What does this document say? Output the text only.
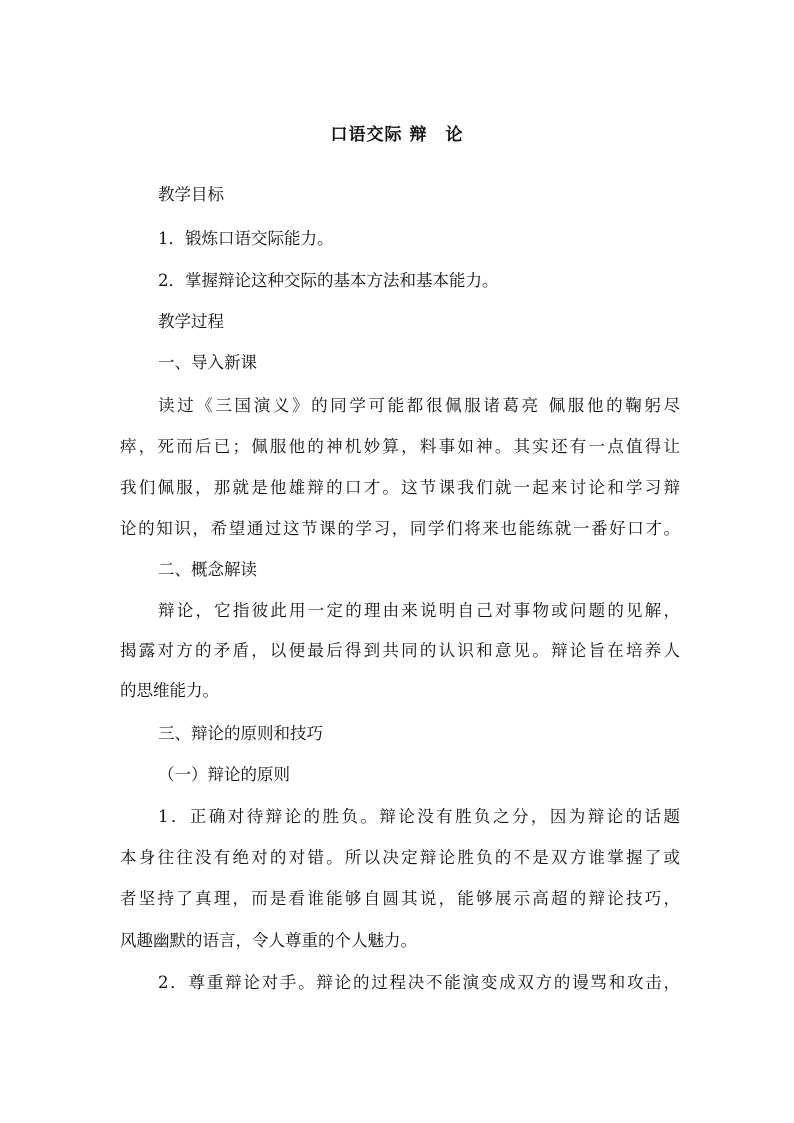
口语交际 辩　论
教学目标
1．锻炼口语交际能力。
2．掌握辩论这种交际的基本方法和基本能力。
教学过程
一、导入新课
读过《三国演义》的同学可能都很佩服诸葛亮 佩服他的鞠躬尽
瘁，死而后已；佩服他的神机妙算，料事如神。其实还有一点值得让
我们佩服，那就是他雄辩的口才。这节课我们就一起来讨论和学习辩
论的知识，希望通过这节课的学习，同学们将来也能练就一番好口才。
二、概念解读
辩论，它指彼此用一定的理由来说明自己对事物或问题的见解，
揭露对方的矛盾，以便最后得到共同的认识和意见。辩论旨在培养人
的思维能力。
三、辩论的原则和技巧
（一）辩论的原则
1．正确对待辩论的胜负。辩论没有胜负之分，因为辩论的话题
本身往往没有绝对的对错。所以决定辩论胜负的不是双方谁掌握了或
者坚持了真理，而是看谁能够自圆其说，能够展示高超的辩论技巧，
风趣幽默的语言，令人尊重的个人魅力。
2．尊重辩论对手。辩论的过程决不能演变成双方的谩骂和攻击，
